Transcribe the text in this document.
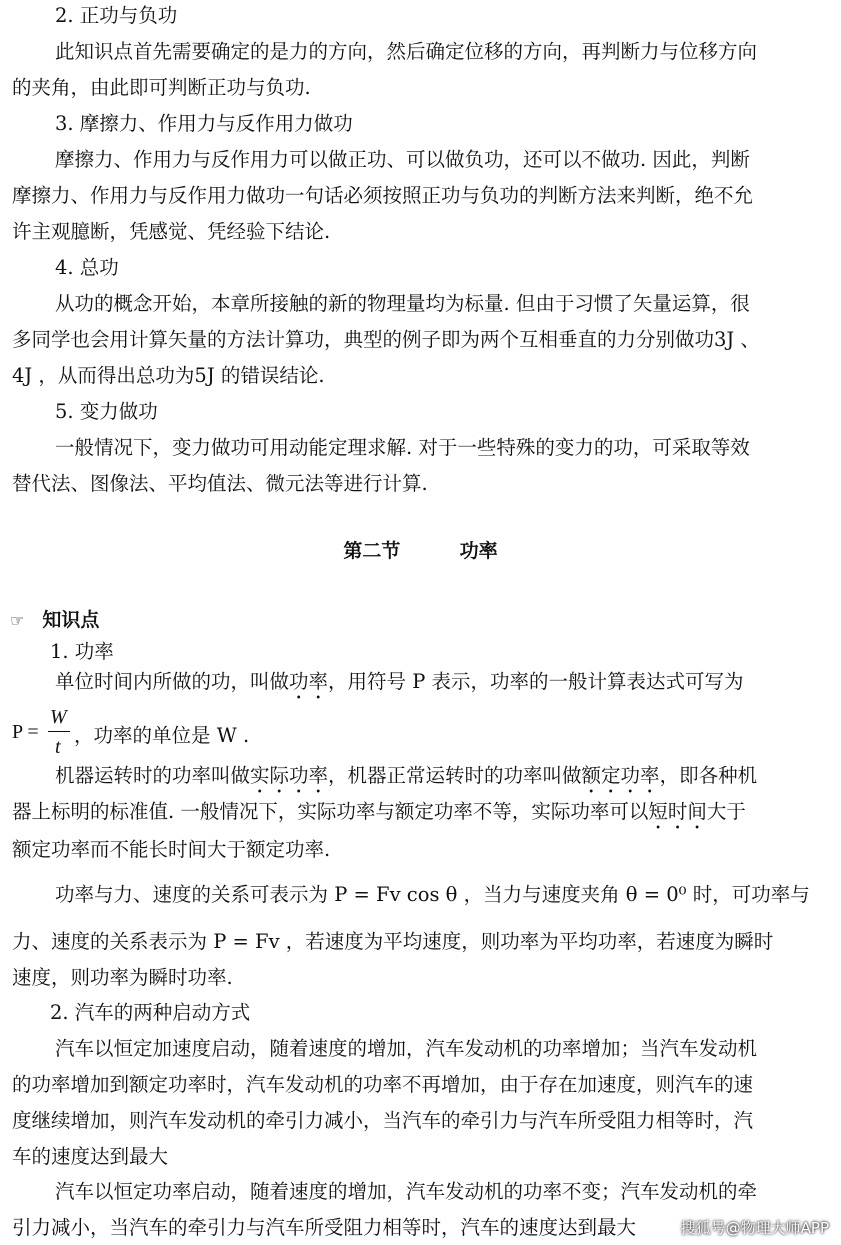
2. 正功与负功
此知识点首先需要确定的是力的方向，然后确定位移的方向，再判断力与位移方向
的夹角，由此即可判断正功与负功.
3. 摩擦力、作用力与反作用力做功
摩擦力、作用力与反作用力可以做正功、可以做负功，还可以不做功. 因此，判断
摩擦力、作用力与反作用力做功一句话必须按照正功与负功的判断方法来判断，绝不允
许主观臆断，凭感觉、凭经验下结论.
4. 总功
从功的概念开始，本章所接触的新的物理量均为标量. 但由于习惯了矢量运算，很
多同学也会用计算矢量的方法计算功，典型的例子即为两个互相垂直的力分别做功3J 、
4J ，从而得出总功为5J 的错误结论.
5. 变力做功
一般情况下，变力做功可用动能定理求解. 对于一些特殊的变力的功，可采取等效
替代法、图像法、平均值法、微元法等进行计算.
第二节	功率
☞ 知识点
1. 功率
单位时间内所做的功，叫做功率，用符号 P 表示，功率的一般计算表达式可写为
P =
W
t ，功率的单位是 W .
机器运转时的功率叫做实际功率，机器正常运转时的功率叫做额定功率，即各种机
器上标明的标准值. 一般情况下，实际功率与额定功率不等，实际功率可以短时间大于
额定功率而不能长时间大于额定功率.
功率与力、速度的关系可表示为 P = Fv cos θ ，当力与速度夹角 θ = 0⁰ 时，可功率与
力、速度的关系表示为 P = Fv ，若速度为平均速度，则功率为平均功率，若速度为瞬时
速度，则功率为瞬时功率.
2. 汽车的两种启动方式
汽车以恒定加速度启动，随着速度的增加，汽车发动机的功率增加；当汽车发动机
的功率增加到额定功率时，汽车发动机的功率不再增加，由于存在加速度，则汽车的速
度继续增加，则汽车发动机的牵引力减小，当汽车的牵引力与汽车所受阻力相等时，汽
车的速度达到最大
汽车以恒定功率启动，随着速度的增加，汽车发动机的功率不变；汽车发动机的牵
引力减小，当汽车的牵引力与汽车所受阻力相等时，汽车的速度达到最大	搜狐号@物理大师APP
